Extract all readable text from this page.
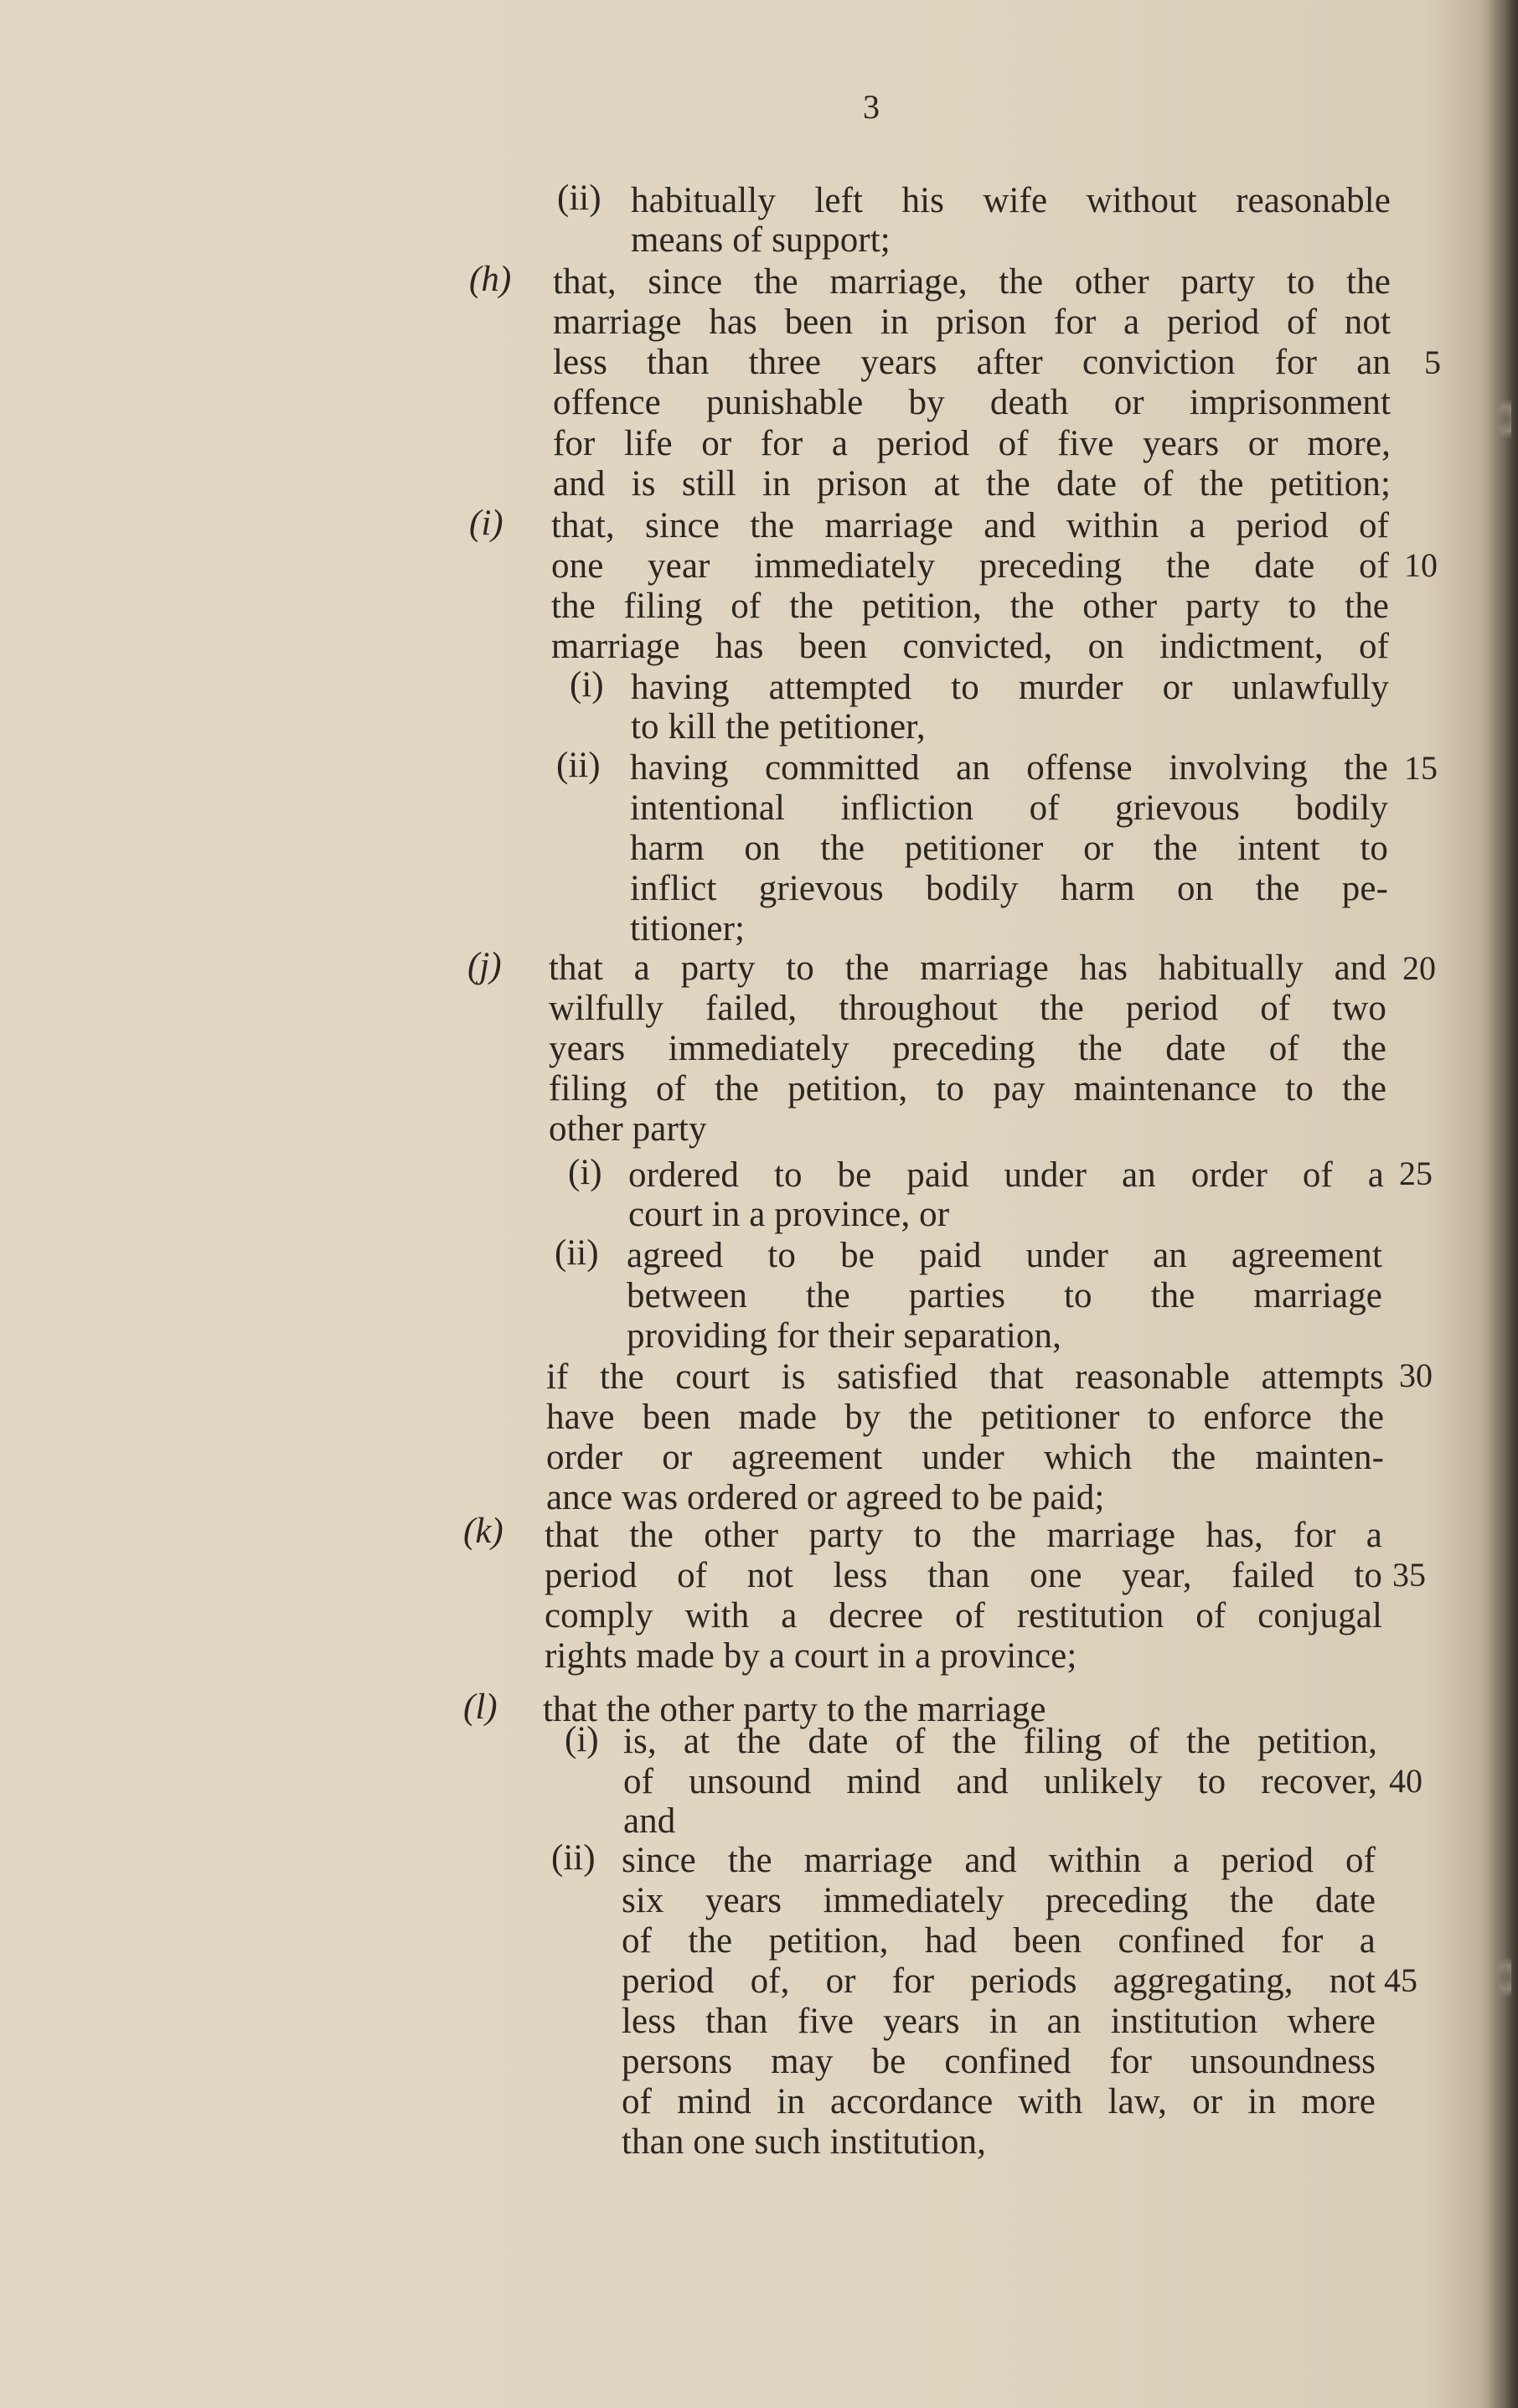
3
(h)
(i)
(j)
(k)
(l)
(ii)
(i)
(ii)
(i)
(ii)
(i)
(ii)
habitually left his wife without reasonable
means of support;
that, since the marriage, the other party to the
marriage has been in prison for a period of not
less than three years after conviction for an
offence punishable by death or imprisonment
for life or for a period of five years or more,
and is still in prison at the date of the petition;
that, since the marriage and within a period of
one year immediately preceding the date of
the filing of the petition, the other party to the
marriage has been convicted, on indictment, of
having attempted to murder or unlawfully
to kill the petitioner,
having committed an offense involving the
intentional infliction of grievous bodily
harm on the petitioner or the intent to
inflict grievous bodily harm on the pe-
titioner;
that a party to the marriage has habitually and
wilfully failed, throughout the period of two
years immediately preceding the date of the
filing of the petition, to pay maintenance to the
other party
ordered to be paid under an order of a
court in a province, or
agreed to be paid under an agreement
between the parties to the marriage
providing for their separation,
if the court is satisfied that reasonable attempts
have been made by the petitioner to enforce the
order or agreement under which the mainten-
ance was ordered or agreed to be paid;
that the other party to the marriage has, for a
period of not less than one year, failed to
comply with a decree of restitution of conjugal
rights made by a court in a province;
that the other party to the marriage
is, at the date of the filing of the petition,
of unsound mind and unlikely to recover,
and
since the marriage and within a period of
six years immediately preceding the date
of the petition, had been confined for a
period of, or for periods aggregating, not
less than five years in an institution where
persons may be confined for unsoundness
of mind in accordance with law, or in more
than one such institution,
5
10
15
20
25
30
35
40
45
